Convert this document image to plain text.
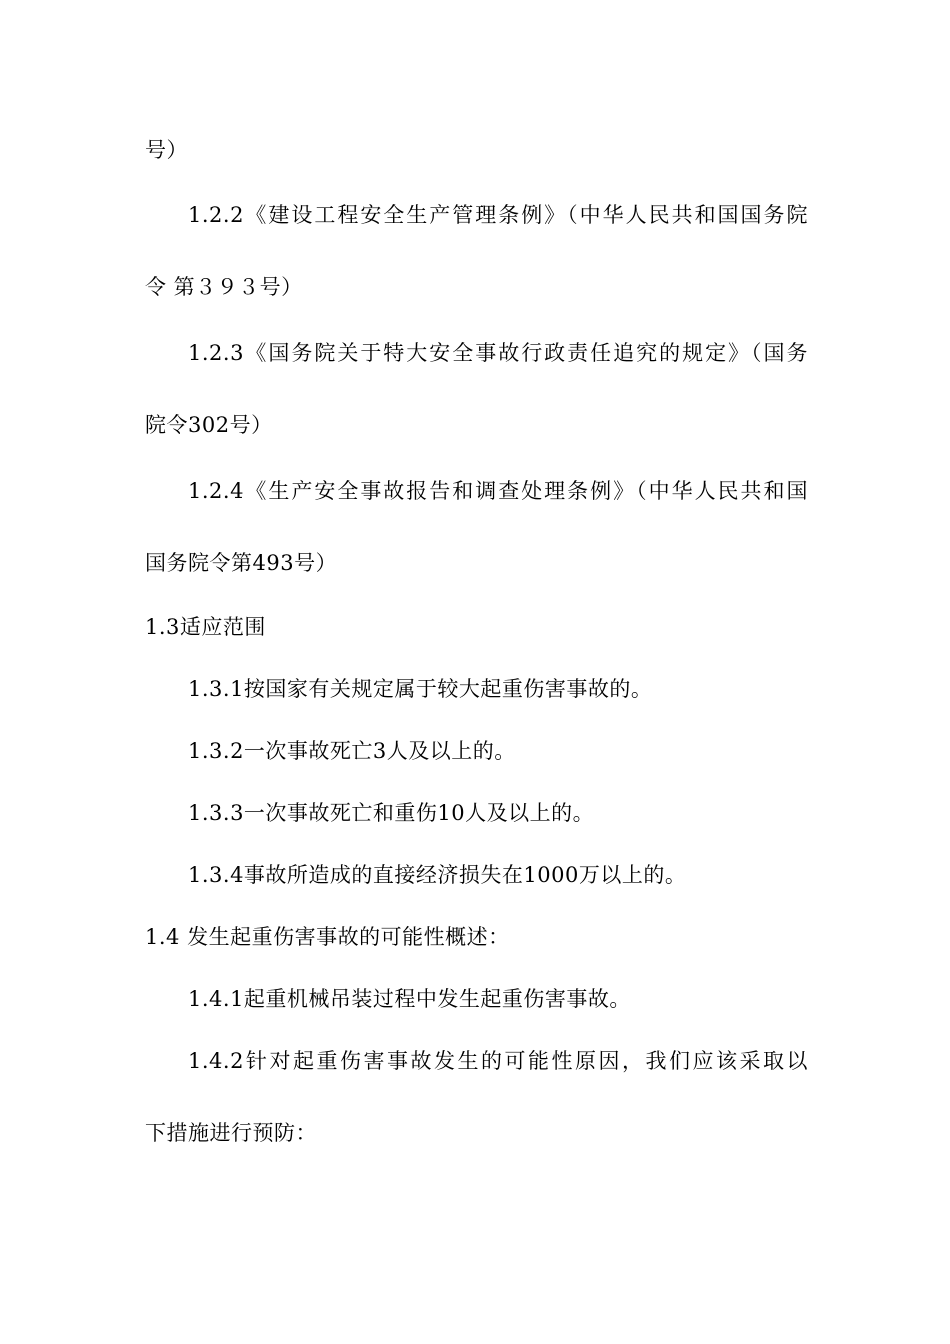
号）
1.2.2《建设工程安全生产管理条例》（中华人民共和国国务院
令 第３９３号）
1.2.3《国务院关于特大安全事故行政责任追究的规定》（国务
院令302号）
1.2.4《生产安全事故报告和调查处理条例》（中华人民共和国
国务院令第493号）
1.3适应范围
1.3.1按国家有关规定属于较大起重伤害事故的。
1.3.2一次事故死亡3人及以上的。
1.3.3一次事故死亡和重伤10人及以上的。
1.3.4事故所造成的直接经济损失在1000万以上的。
1.4 发生起重伤害事故的可能性概述：
1.4.1起重机械吊装过程中发生起重伤害事故。
1.4.2针对起重伤害事故发生的可能性原因，我们应该采取以
下措施进行预防：
